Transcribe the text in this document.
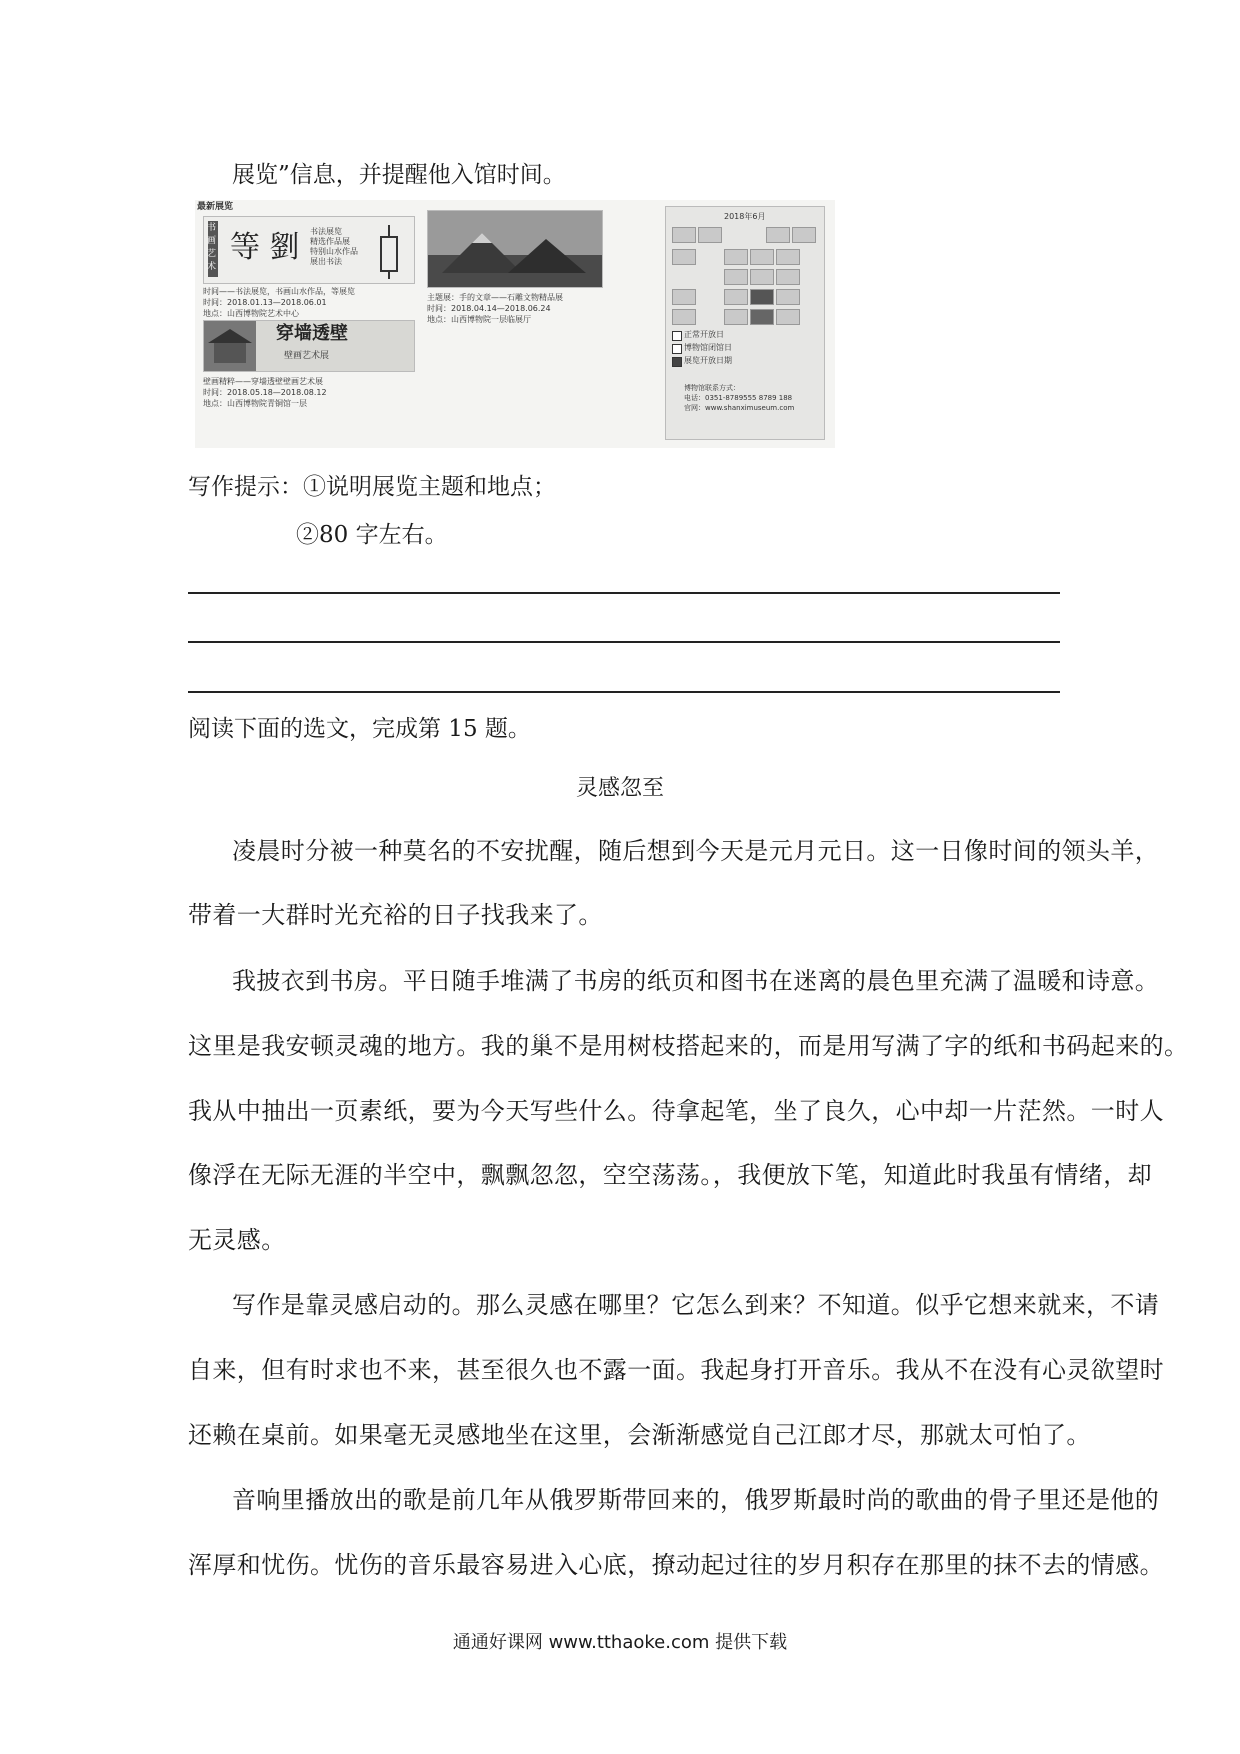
展览”信息，并提醒他入馆时间。
最新展览
书
画
艺
术
等 劉 书法展览
精选作品展
特别山水作品
展出书法
时间——书法展览，书画山水作品，等展览
时间：2018.01.13—2018.06.01
地点：山西博物院艺术中心
主题展：手的文章——石雕文物精品展
时间：2018.04.14—2018.06.24
地点：山西博物院一层临展厅
穿墙透壁
壁画艺术展
壁画精粹——穿墙透壁壁画艺术展
时间：2018.05.18—2018.08.12
地点：山西博物院青铜馆一层
2018年6月
正常开放日
博物馆闭馆日
展览开放日期
博物馆联系方式：
电话：0351-8789555 8789 188
官网：www.shanximuseum.com
写作提示：①说明展览主题和地点；
②80 字左右。
阅读下面的选文，完成第 15 题。
灵感忽至
凌晨时分被一种莫名的不安扰醒，随后想到今天是元月元日。这一日像时间的领头羊，
带着一大群时光充裕的日子找我来了。
我披衣到书房。平日随手堆满了书房的纸页和图书在迷离的晨色里充满了温暖和诗意。
这里是我安顿灵魂的地方。我的巢不是用树枝搭起来的，而是用写满了字的纸和书码起来的。
我从中抽出一页素纸，要为今天写些什么。待拿起笔，坐了良久，心中却一片茫然。一时人
像浮在无际无涯的半空中，飘飘忽忽，空空荡荡。，我便放下笔，知道此时我虽有情绪，却
无灵感。
写作是靠灵感启动的。那么灵感在哪里？它怎么到来？不知道。似乎它想来就来，不请
自来，但有时求也不来，甚至很久也不露一面。我起身打开音乐。我从不在没有心灵欲望时
还赖在桌前。如果毫无灵感地坐在这里，会渐渐感觉自己江郎才尽，那就太可怕了。
音响里播放出的歌是前几年从俄罗斯带回来的，俄罗斯最时尚的歌曲的骨子里还是他的
浑厚和忧伤。忧伤的音乐最容易进入心底，撩动起过往的岁月积存在那里的抹不去的情感。
通通好课网 www.tthaoke.com 提供下载
